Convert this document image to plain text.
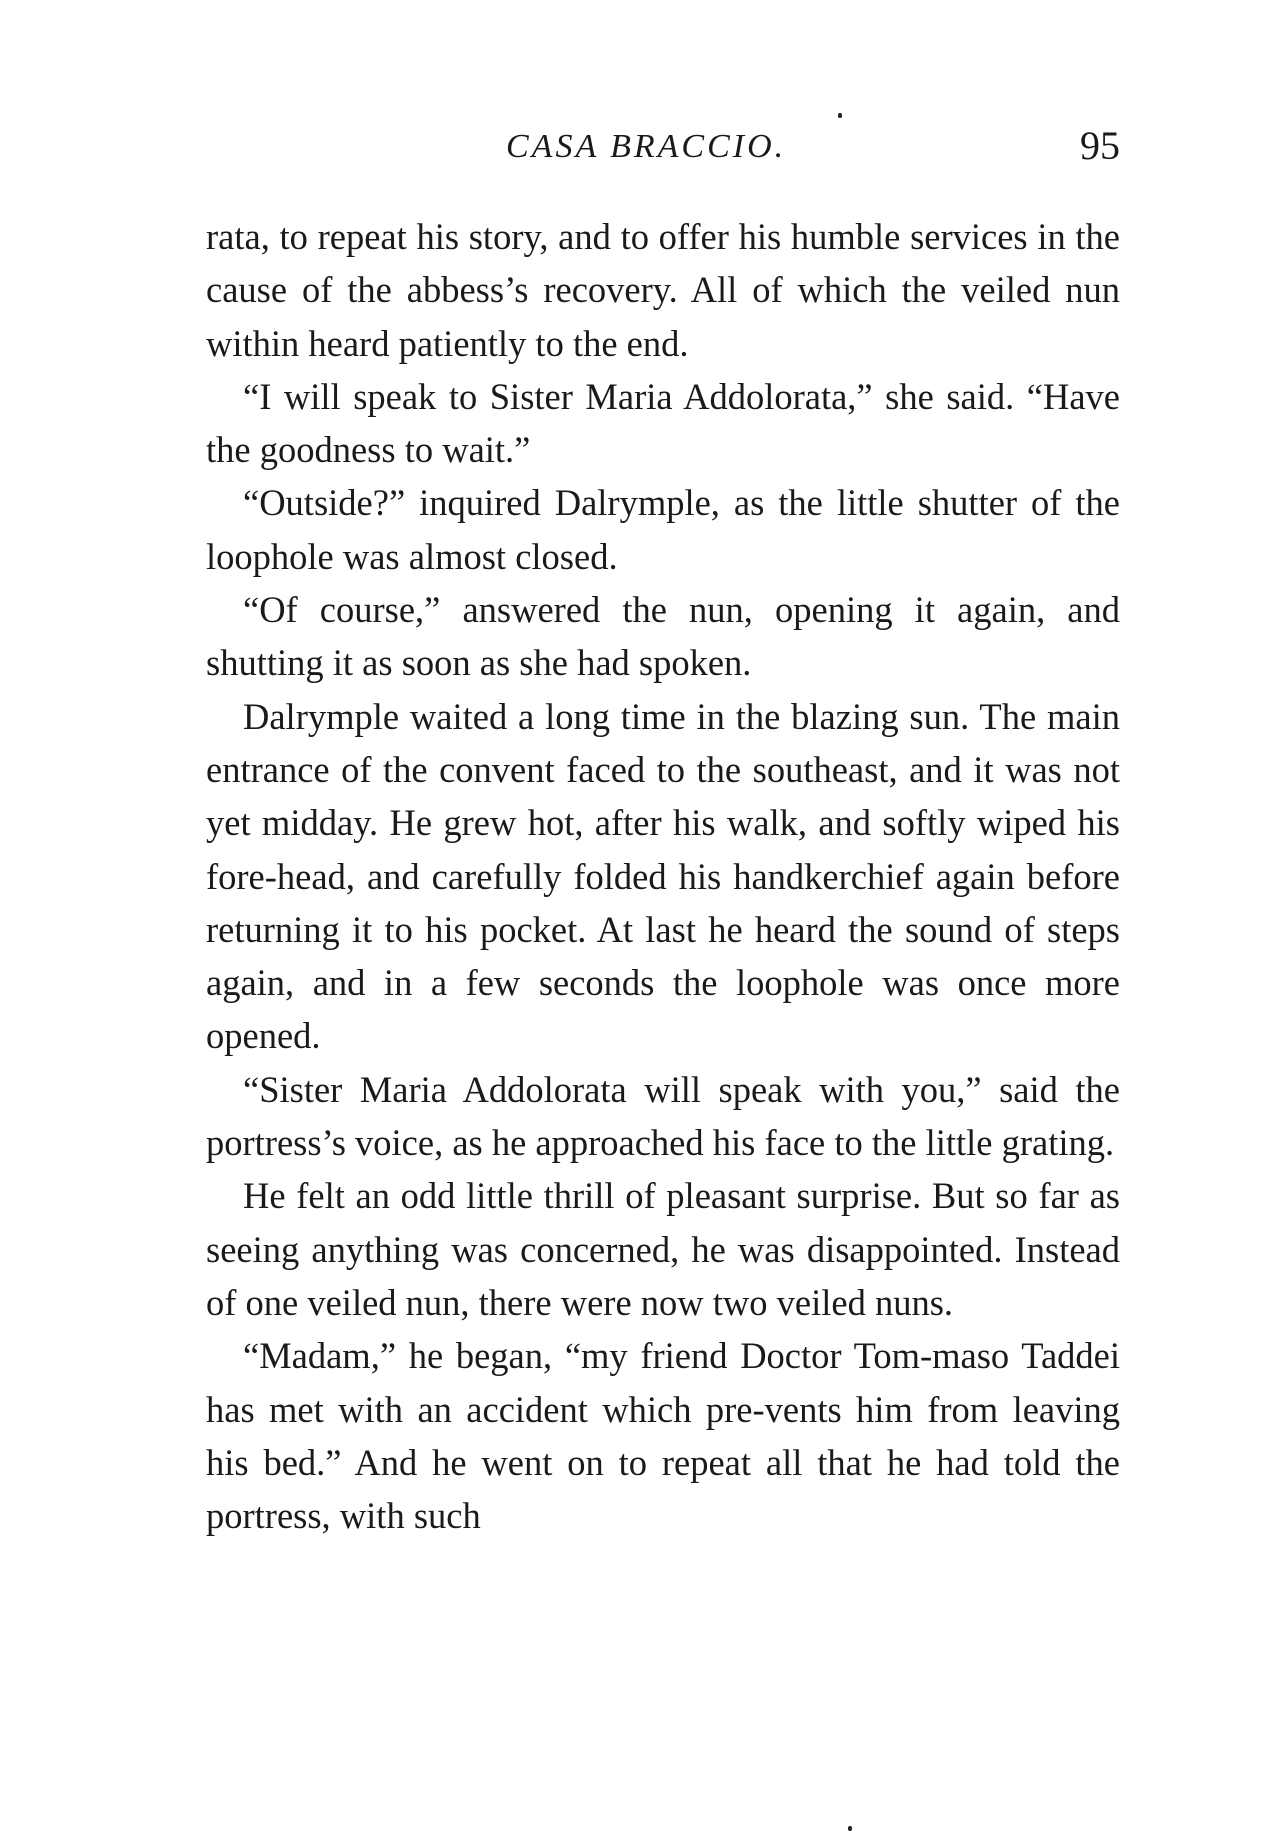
CASA BRACCIO.	95

rata, to repeat his story, and to offer his humble services in the cause of the abbess’s recovery. All of which the veiled nun within heard patiently to the end.

“I will speak to Sister Maria Addolorata,” she said. “Have the goodness to wait.”

“Outside?” inquired Dalrymple, as the little shutter of the loophole was almost closed.

“Of course,” answered the nun, opening it again, and shutting it as soon as she had spoken.

Dalrymple waited a long time in the blazing sun. The main entrance of the convent faced to the southeast, and it was not yet midday. He grew hot, after his walk, and softly wiped his fore-head, and carefully folded his handkerchief again before returning it to his pocket. At last he heard the sound of steps again, and in a few seconds the loophole was once more opened.

“Sister Maria Addolorata will speak with you,” said the portress’s voice, as he approached his face to the little grating.

He felt an odd little thrill of pleasant surprise. But so far as seeing anything was concerned, he was disappointed. Instead of one veiled nun, there were now two veiled nuns.

“Madam,” he began, “my friend Doctor Tom-maso Taddei has met with an accident which pre-vents him from leaving his bed.” And he went on to repeat all that he had told the portress, with such
